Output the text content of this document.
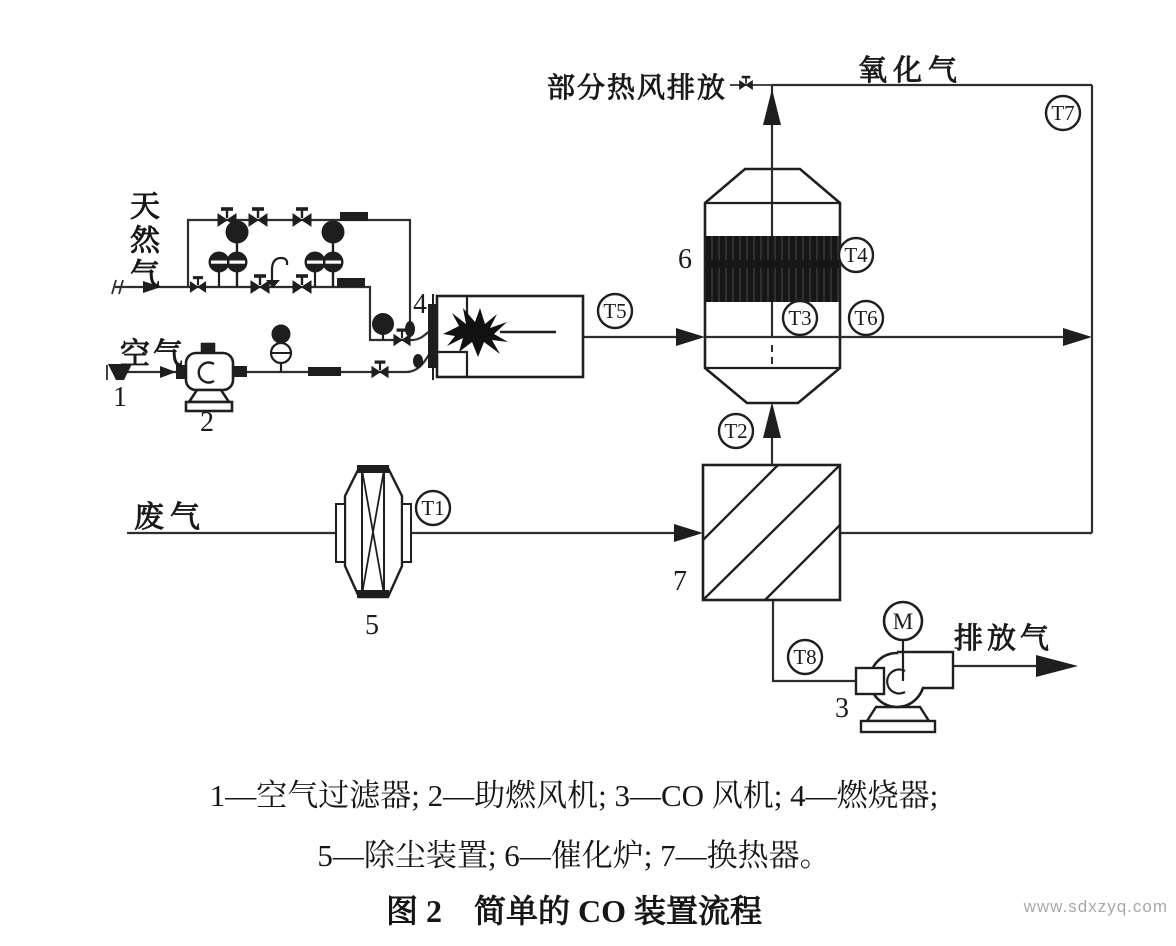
M
T1
T2
T3
T4
T5	T6
T7
T8
空气
废气
部分热风排放
氧化气
排放气
1
2
3
4
5
6
7
天然气
1—空气过滤器; 2—助燃风机; 3—CO 风机; 4—燃烧器;
5—除尘装置; 6—催化炉; 7—换热器。
图 2　简单的 CO 装置流程	www.sdxzyq.com
